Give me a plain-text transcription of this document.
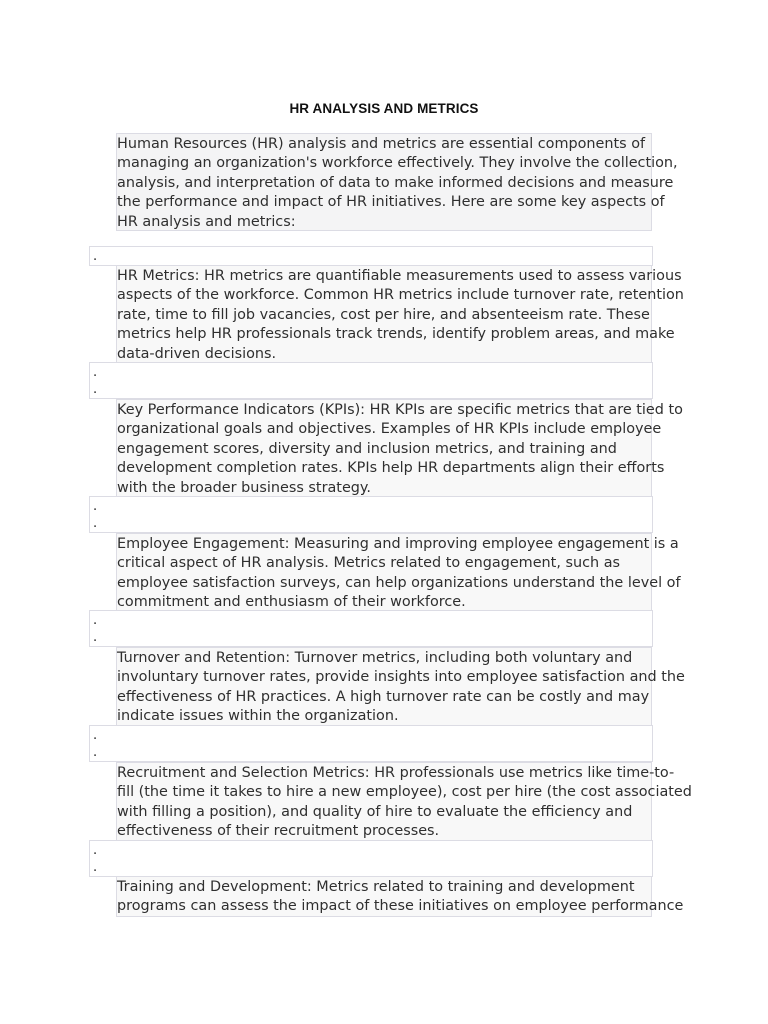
HR ANALYSIS AND METRICS
Human Resources (HR) analysis and metrics are essential components of
managing an organization's workforce effectively. They involve the collection,
analysis, and interpretation of data to make informed decisions and measure
the performance and impact of HR initiatives. Here are some key aspects of
HR analysis and metrics:
.
HR Metrics: HR metrics are quantifiable measurements used to assess various
aspects of the workforce. Common HR metrics include turnover rate, retention
rate, time to fill job vacancies, cost per hire, and absenteeism rate. These
metrics help HR professionals track trends, identify problem areas, and make
data-driven decisions.
.
.
Key Performance Indicators (KPIs): HR KPIs are specific metrics that are tied to
organizational goals and objectives. Examples of HR KPIs include employee
engagement scores, diversity and inclusion metrics, and training and
development completion rates. KPIs help HR departments align their efforts
with the broader business strategy.
.
.
Employee Engagement: Measuring and improving employee engagement is a
critical aspect of HR analysis. Metrics related to engagement, such as
employee satisfaction surveys, can help organizations understand the level of
commitment and enthusiasm of their workforce.
.
.
Turnover and Retention: Turnover metrics, including both voluntary and
involuntary turnover rates, provide insights into employee satisfaction and the
effectiveness of HR practices. A high turnover rate can be costly and may
indicate issues within the organization.
.
.
Recruitment and Selection Metrics: HR professionals use metrics like time-to-
fill (the time it takes to hire a new employee), cost per hire (the cost associated
with filling a position), and quality of hire to evaluate the efficiency and
effectiveness of their recruitment processes.
.
.
Training and Development: Metrics related to training and development
programs can assess the impact of these initiatives on employee performance
